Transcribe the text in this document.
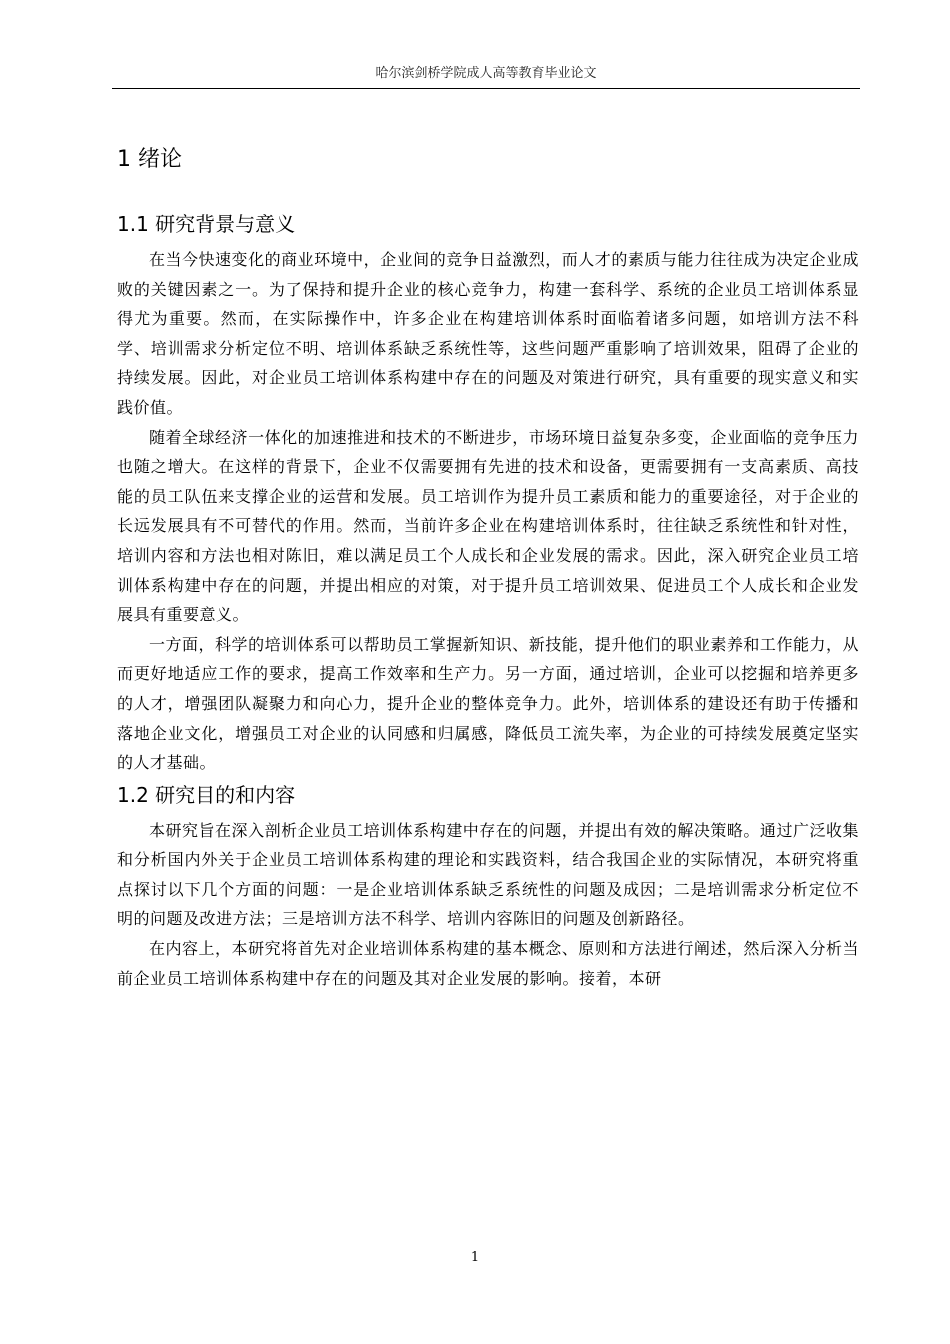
哈尔滨剑桥学院成人高等教育毕业论文
1 绪论
1.1 研究背景与意义

在当今快速变化的商业环境中，企业间的竞争日益激烈，而人才的素质与能力往往成为决定企业成败的关键因素之一。为了保持和提升企业的核心竞争力，构建一套科学、系统的企业员工培训体系显得尤为重要。然而，在实际操作中，许多企业在构建培训体系时面临着诸多问题，如培训方法不科学、培训需求分析定位不明、培训体系缺乏系统性等，这些问题严重影响了培训效果，阻碍了企业的持续发展。因此，对企业员工培训体系构建中存在的问题及对策进行研究，具有重要的现实意义和实践价值。

随着全球经济一体化的加速推进和技术的不断进步，市场环境日益复杂多变，企业面临的竞争压力也随之增大。在这样的背景下，企业不仅需要拥有先进的技术和设备，更需要拥有一支高素质、高技能的员工队伍来支撑企业的运营和发展。员工培训作为提升员工素质和能力的重要途径，对于企业的长远发展具有不可替代的作用。然而，当前许多企业在构建培训体系时，往往缺乏系统性和针对性，培训内容和方法也相对陈旧，难以满足员工个人成长和企业发展的需求。因此，深入研究企业员工培训体系构建中存在的问题，并提出相应的对策，对于提升员工培训效果、促进员工个人成长和企业发展具有重要意义。

一方面，科学的培训体系可以帮助员工掌握新知识、新技能，提升他们的职业素养和工作能力，从而更好地适应工作的要求，提高工作效率和生产力。另一方面，通过培训，企业可以挖掘和培养更多的人才，增强团队凝聚力和向心力，提升企业的整体竞争力。此外，培训体系的建设还有助于传播和落地企业文化，增强员工对企业的认同感和归属感，降低员工流失率，为企业的可持续发展奠定坚实的人才基础。

1.2 研究目的和内容

本研究旨在深入剖析企业员工培训体系构建中存在的问题，并提出有效的解决策略。通过广泛收集和分析国内外关于企业员工培训体系构建的理论和实践资料，结合我国企业的实际情况，本研究将重点探讨以下几个方面的问题：一是企业培训体系缺乏系统性的问题及成因；二是培训需求分析定位不明的问题及改进方法；三是培训方法不科学、培训内容陈旧的问题及创新路径。

在内容上，本研究将首先对企业培训体系构建的基本概念、原则和方法进行阐述，然后深入分析当前企业员工培训体系构建中存在的问题及其对企业发展的影响。接着，本研

1
